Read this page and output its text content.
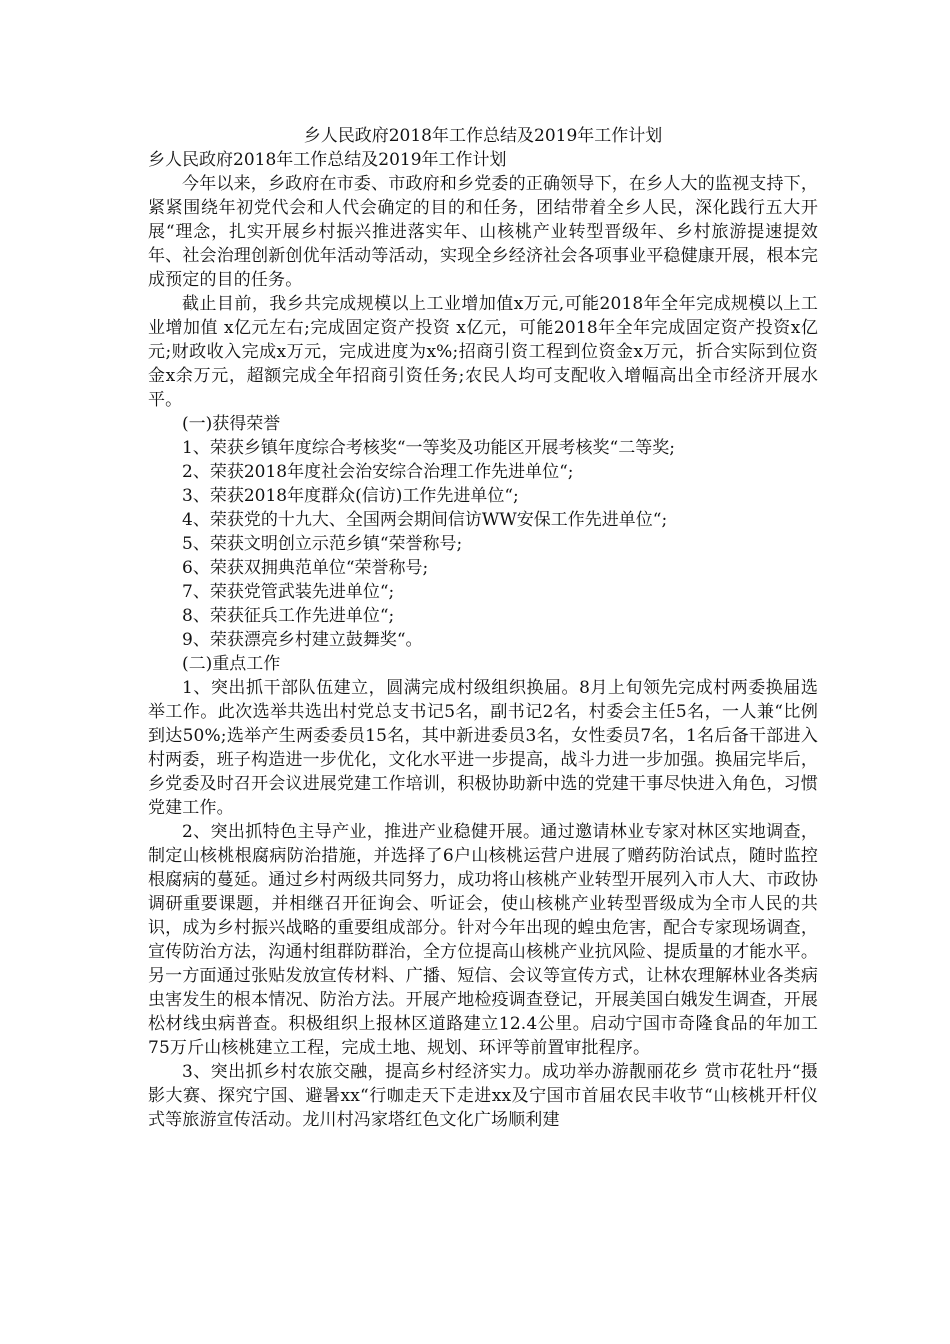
乡人民政府2018年工作总结及2019年工作计划

乡人民政府2018年工作总结及2019年工作计划

今年以来，乡政府在市委、市政府和乡党委的正确领导下，在乡人大的监视支持下，紧紧围绕年初党代会和人代会确定的目的和任务，团结带着全乡人民，深化践行五大开展“理念，扎实开展乡村振兴推进落实年、山核桃产业转型晋级年、乡村旅游提速提效年、社会治理创新创优年活动等活动，实现全乡经济社会各项事业平稳健康开展，根本完成预定的目的任务。

截止目前，我乡共完成规模以上工业增加值x万元,可能2018年全年完成规模以上工业增加值 x亿元左右;完成固定资产投资 x亿元，可能2018年全年完成固定资产投资x亿元;财政收入完成x万元，完成进度为x%;招商引资工程到位资金x万元，折合实际到位资金x余万元，超额完成全年招商引资任务;农民人均可支配收入增幅高出全市经济开展水平。

(一)获得荣誉

1、荣获乡镇年度综合考核奖“一等奖及功能区开展考核奖“二等奖;

2、荣获2018年度社会治安综合治理工作先进单位“;

3、荣获2018年度群众(信访)工作先进单位“;

4、荣获党的十九大、全国两会期间信访WW安保工作先进单位“;

5、荣获文明创立示范乡镇“荣誉称号;

6、荣获双拥典范单位“荣誉称号;

7、荣获党管武装先进单位“;

8、荣获征兵工作先进单位“;

9、荣获漂亮乡村建立鼓舞奖“。

(二)重点工作

1、突出抓干部队伍建立，圆满完成村级组织换届。8月上旬领先完成村两委换届选举工作。此次选举共选出村党总支书记5名，副书记2名，村委会主任5名，一人兼“比例到达50%;选举产生两委委员15名，其中新进委员3名，女性委员7名，1名后备干部进入村两委，班子构造进一步优化，文化水平进一步提高，战斗力进一步加强。换届完毕后，乡党委及时召开会议进展党建工作培训，积极协助新中选的党建干事尽快进入角色，习惯党建工作。

2、突出抓特色主导产业，推进产业稳健开展。通过邀请林业专家对林区实地调查，制定山核桃根腐病防治措施，并选择了6户山核桃运营户进展了赠药防治试点，随时监控根腐病的蔓延。通过乡村两级共同努力，成功将山核桃产业转型开展列入市人大、市政协调研重要课题，并相继召开征询会、听证会，使山核桃产业转型晋级成为全市人民的共识，成为乡村振兴战略的重要组成部分。针对今年出现的蝗虫危害，配合专家现场调查，宣传防治方法，沟通村组群防群治，全方位提高山核桃产业抗风险、提质量的才能水平。另一方面通过张贴发放宣传材料、广播、短信、会议等宣传方式，让林农理解林业各类病虫害发生的根本情况、防治方法。开展产地检疫调查登记，开展美国白娥发生调查，开展松材线虫病普查。积极组织上报林区道路建立12.4公里。启动宁国市奇隆食品的年加工75万斤山核桃建立工程，完成土地、规划、环评等前置审批程序。

3、突出抓乡村农旅交融，提高乡村经济实力。成功举办游靓丽花乡 赏市花牡丹“摄影大赛、探究宁国、避暑xx“行咖走天下走进xx及宁国市首届农民丰收节“山核桃开杆仪式等旅游宣传活动。龙川村冯家塔红色文化广场顺利建
